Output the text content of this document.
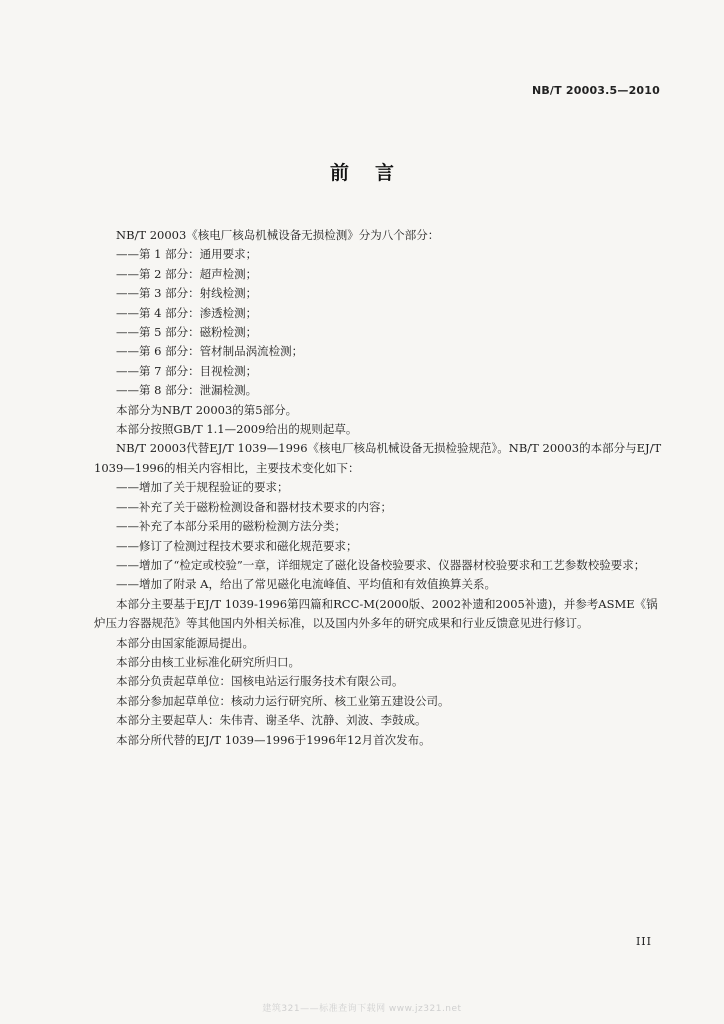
NB/T 20003.5—2010
前言

NB/T 20003《核电厂核岛机械设备无损检测》分为八个部分：

——第 1 部分：通用要求；

——第 2 部分：超声检测；

——第 3 部分：射线检测；

——第 4 部分：渗透检测；

——第 5 部分：磁粉检测；

——第 6 部分：管材制品涡流检测；

——第 7 部分：目视检测；

——第 8 部分：泄漏检测。

本部分为NB/T 20003的第5部分。

本部分按照GB/T 1.1—2009给出的规则起草。

NB/T 20003代替EJ/T 1039—1996《核电厂核岛机械设备无损检验规范》。NB/T 20003的本部分与EJ/T 1039—1996的相关内容相比，主要技术变化如下：

——增加了关于规程验证的要求；

——补充了关于磁粉检测设备和器材技术要求的内容；

——补充了本部分采用的磁粉检测方法分类；

——修订了检测过程技术要求和磁化规范要求；

——增加了“检定或校验”一章，详细规定了磁化设备校验要求、仪器器材校验要求和工艺参数校验要求；

——增加了附录 A，给出了常见磁化电流峰值、平均值和有效值换算关系。

本部分主要基于EJ/T 1039-1996第四篇和RCC-M(2000版、2002补遗和2005补遗)，并参考ASME《锅炉压力容器规范》等其他国内外相关标准，以及国内外多年的研究成果和行业反馈意见进行修订。

本部分由国家能源局提出。

本部分由核工业标准化研究所归口。

本部分负责起草单位：国核电站运行服务技术有限公司。

本部分参加起草单位：核动力运行研究所、核工业第五建设公司。

本部分主要起草人：朱伟青、谢圣华、沈静、刘波、李鼓成。

本部分所代替的EJ/T 1039—1996于1996年12月首次发布。

III
建筑321——标准查询下载网 www.jz321.net
